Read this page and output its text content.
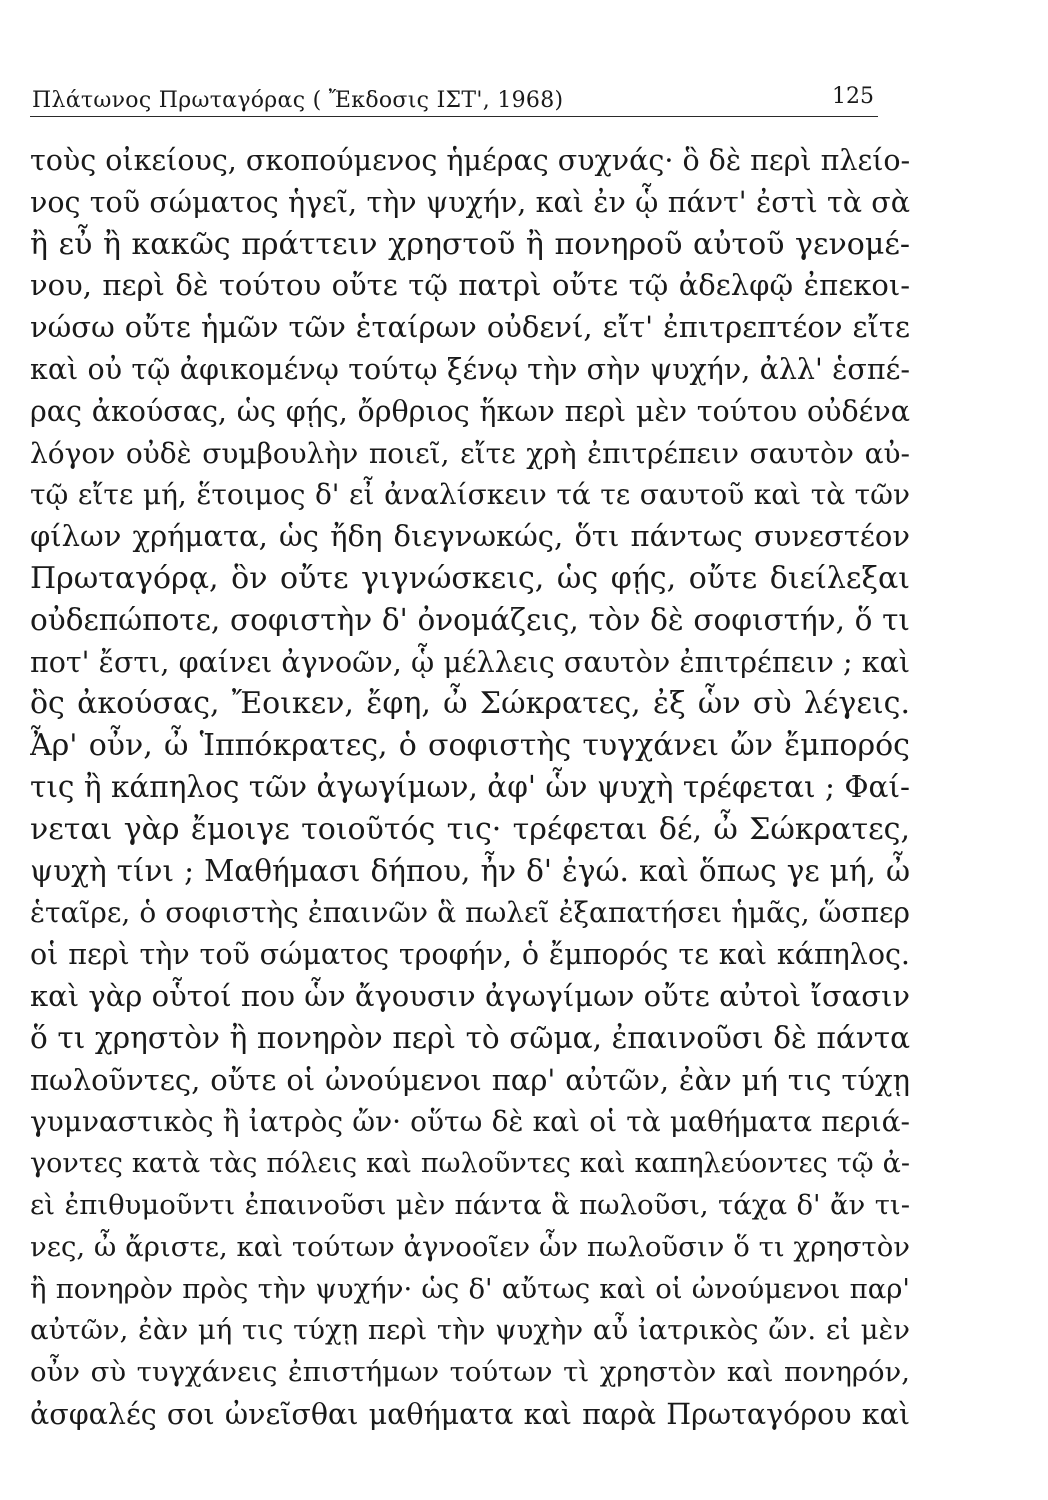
Πλάτωνος Πρωταγόρας ( Ἔκδοσις ΙΣΤ', 1968)	125
τοὺς οἰκείους, σκοπούμενος ἡμέρας συχνάς· ὃ δὲ περὶ πλείο-
νος τοῦ σώματος ἡγεῖ, τὴν ψυχήν, καὶ ἐν ᾧ πάντ' ἐστὶ τὰ σὰ
ἢ εὖ ἢ κακῶς πράττειν χρηστοῦ ἢ πονηροῦ αὐτοῦ γενομέ-
νου, περὶ δὲ τούτου οὔτε τῷ πατρὶ οὔτε τῷ ἀδελφῷ ἐπεκοι-
νώσω οὔτε ἡμῶν τῶν ἑταίρων οὐδενί, εἴτ' ἐπιτρεπτέον εἴτε
καὶ οὐ τῷ ἀφικομένῳ τούτῳ ξένῳ τὴν σὴν ψυχήν, ἀλλ' ἑσπέ-
ρας ἀκούσας, ὡς φῄς, ὄρθριος ἥκων περὶ μὲν τούτου οὐδένα
λόγον οὐδὲ συμβουλὴν ποιεῖ, εἴτε χρὴ ἐπιτρέπειν σαυτὸν αὐ-
τῷ εἴτε μή, ἕτοιμος δ' εἶ ἀναλίσκειν τά τε σαυτοῦ καὶ τὰ τῶν
φίλων χρήματα, ὡς ἤδη διεγνωκώς, ὅτι πάντως συνεστέον
Πρωταγόρᾳ, ὃν οὔτε γιγνώσκεις, ὡς φῄς, οὔτε διείλεξαι
οὐδεπώποτε, σοφιστὴν δ' ὀνομάζεις, τὸν δὲ σοφιστήν, ὅ τι
ποτ' ἔστι, φαίνει ἀγνοῶν, ᾧ μέλλεις σαυτὸν ἐπιτρέπειν ; καὶ
ὃς ἀκούσας, Ἔοικεν, ἔφη, ὦ Σώκρατες, ἐξ ὧν σὺ λέγεις.
Ἆρ' οὖν, ὦ Ἱππόκρατες, ὁ σοφιστὴς τυγχάνει ὤν ἔμπορός
τις ἢ κάπηλος τῶν ἀγωγίμων, ἀφ' ὧν ψυχὴ τρέφεται ; Φαί-
νεται γὰρ ἔμοιγε τοιοῦτός τις· τρέφεται δέ, ὦ Σώκρατες,
ψυχὴ τίνι ; Μαθήμασι δήπου, ἦν δ' ἐγώ. καὶ ὅπως γε μή, ὦ
ἑταῖρε, ὁ σοφιστὴς ἐπαινῶν ἃ πωλεῖ ἐξαπατήσει ἡμᾶς, ὥσπερ
οἱ περὶ τὴν τοῦ σώματος τροφήν, ὁ ἔμπορός τε καὶ κάπηλος.
καὶ γὰρ οὗτοί που ὧν ἄγουσιν ἀγωγίμων οὔτε αὐτοὶ ἴσασιν
ὅ τι χρηστὸν ἢ πονηρὸν περὶ τὸ σῶμα, ἐπαινοῦσι δὲ πάντα
πωλοῦντες, οὔτε οἱ ὠνούμενοι παρ' αὐτῶν, ἐὰν μή τις τύχῃ
γυμναστικὸς ἢ ἰατρὸς ὤν· οὕτω δὲ καὶ οἱ τὰ μαθήματα περιά-
γοντες κατὰ τὰς πόλεις καὶ πωλοῦντες καὶ καπηλεύοντες τῷ ἀ-
εὶ ἐπιθυμοῦντι ἐπαινοῦσι μὲν πάντα ἃ πωλοῦσι, τάχα δ' ἄν τι-
νες, ὦ ἄριστε, καὶ τούτων ἀγνοοῖεν ὧν πωλοῦσιν ὅ τι χρηστὸν
ἢ πονηρὸν πρὸς τὴν ψυχήν· ὡς δ' αὔτως καὶ οἱ ὠνούμενοι παρ'
αὐτῶν, ἐὰν μή τις τύχῃ περὶ τὴν ψυχὴν αὖ ἰατρικὸς ὤν. εἰ μὲν
οὖν σὺ τυγχάνεις ἐπιστήμων τούτων τὶ χρηστὸν καὶ πονηρόν,
ἀσφαλές σοι ὠνεῖσθαι μαθήματα καὶ παρὰ Πρωταγόρου καὶ
